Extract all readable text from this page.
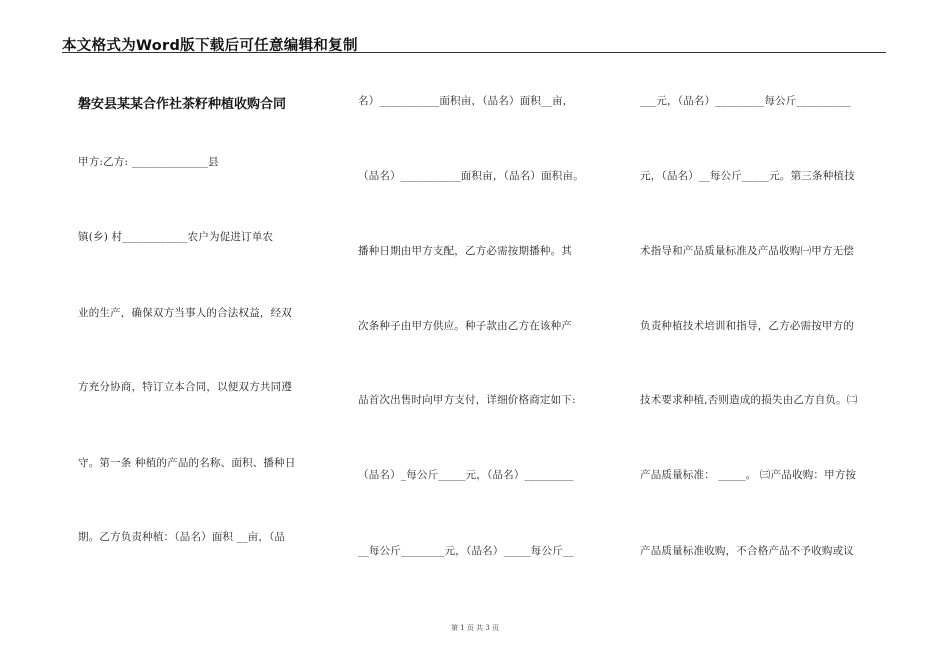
本文格式为Word版下载后可任意编辑和复制
磐安县某某合作社茶籽种植收购合同
甲方:乙方: ______________县
镇(乡) 村____________农户为促进订单农
业的生产，确保双方当事人的合法权益，经双
方充分协商，特订立本合同，以便双方共同遵
守。第一条 种植的产品的名称、面积、播种日
期。乙方负责种植：（品名）面积 __亩，（品
名）___________面积亩，（品名）面积__亩，
（品名）___________面积亩，（品名）面积亩。
播种日期由甲方支配，乙方必需按期播种。其
次条种子由甲方供应。种子款由乙方在该种产
品首次出售时向甲方支付，详细价格商定如下:
（品名）_每公斤_____元，（品名）_________
__每公斤________元，（品名）_____每公斤__
___元，（品名）_________每公斤__________
元，（品名）__每公斤_____元。第三条种植技
术指导和产品质量标准及产品收购㈠甲方无偿
负责种植技术培训和指导，乙方必需按甲方的
技术要求种植,否则造成的损失由乙方自负。㈡
产品质量标准： _____。 ㈢产品收购：甲方按
产品质量标准收购，不合格产品不予收购或议
第 1 页 共 3 页
